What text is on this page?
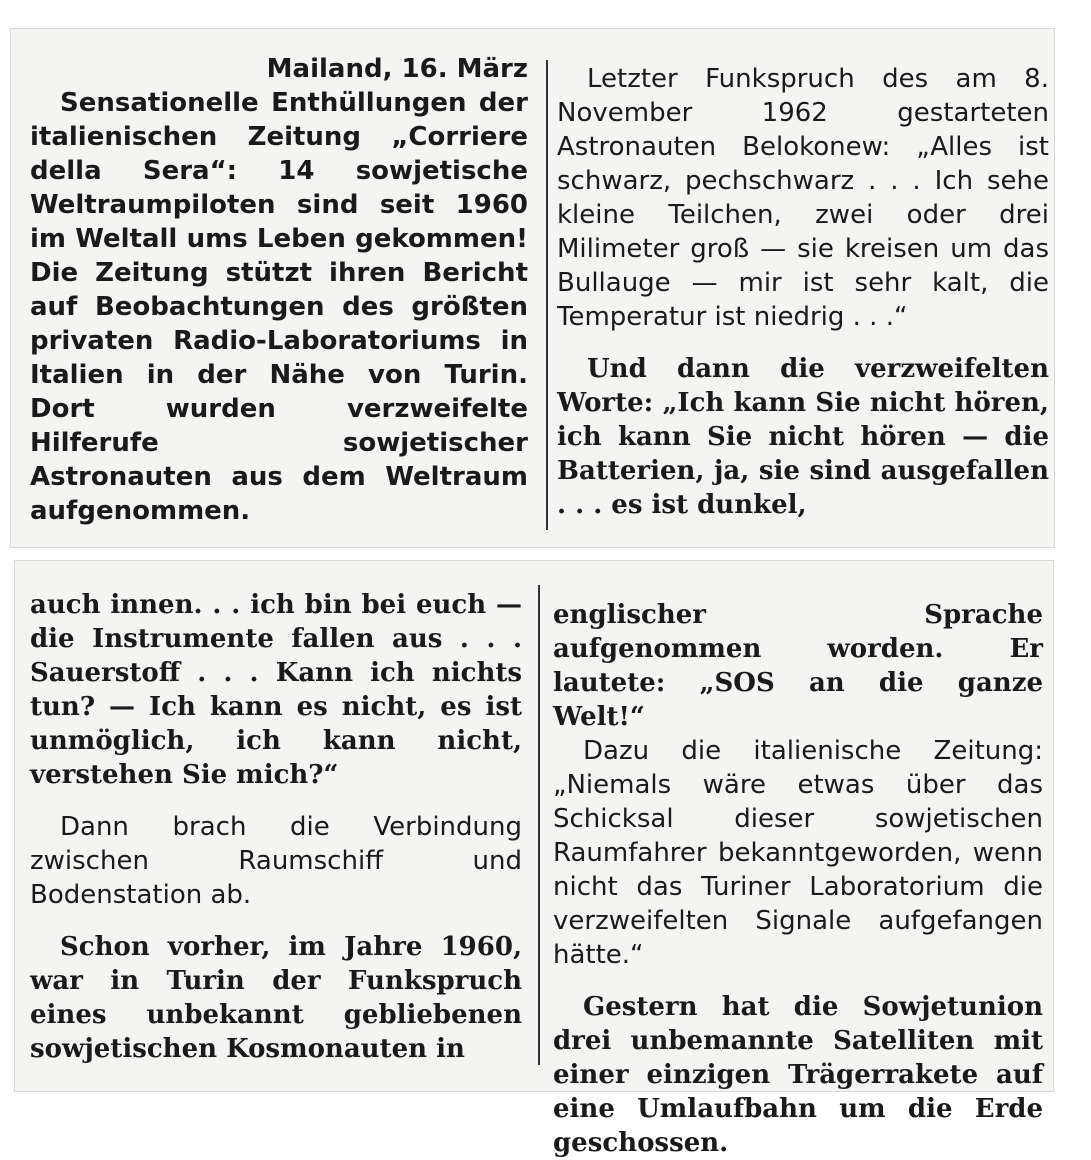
Mailand, 16. März

Sensationelle Enthüllungen der italienischen Zeitung „Corriere della Sera“: 14 sowjetische Weltraumpiloten sind seit 1960 im Weltall ums Leben gekommen! Die Zeitung stützt ihren Bericht auf Beobachtungen des größten privaten Radio-Laboratoriums in Italien in der Nähe von Turin. Dort wurden verzweifelte Hilferufe sowjetischer Astronauten aus dem Weltraum aufgenommen.

Letzter Funkspruch des am 8. November 1962 gestarteten Astronauten Belokonew: „Alles ist schwarz, pechschwarz . . . Ich sehe kleine Teilchen, zwei oder drei Milimeter groß — sie kreisen um das Bullauge — mir ist sehr kalt, die Temperatur ist niedrig . . .“

Und dann die verzweifelten Worte: „Ich kann Sie nicht hören, ich kann Sie nicht hören — die Batterien, ja, sie sind ausgefallen . . . es ist dunkel,

auch innen. . . ich bin bei euch — die Instrumente fallen aus . . . Sauerstoff . . . Kann ich nichts tun? — Ich kann es nicht, es ist unmöglich, ich kann nicht, verstehen Sie mich?“

Dann brach die Verbindung zwischen Raumschiff und Bodenstation ab.

Schon vorher, im Jahre 1960, war in Turin der Funkspruch eines unbekannt gebliebenen sowjetischen Kosmonauten in

englischer Sprache aufgenommen worden. Er lautete: „SOS an die ganze Welt!“

Dazu die italienische Zeitung: „Niemals wäre etwas über das Schicksal dieser sowjetischen Raumfahrer bekanntgeworden, wenn nicht das Turiner Laboratorium die verzweifelten Signale aufgefangen hätte.“

Gestern hat die Sowjetunion drei unbemannte Satelliten mit einer einzigen Trägerrakete auf eine Umlaufbahn um die Erde geschossen.
